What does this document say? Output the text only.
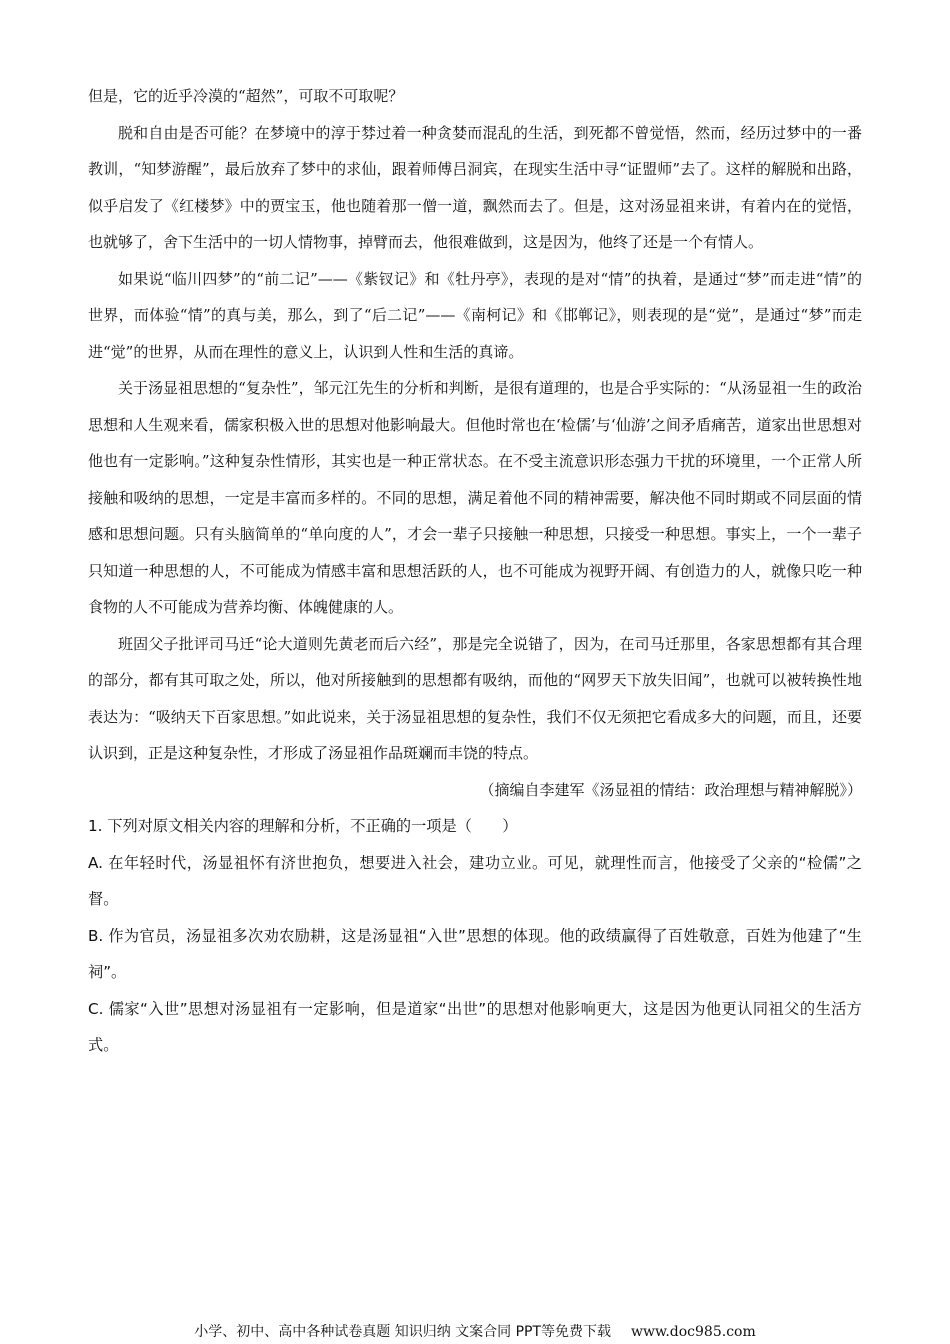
但是，它的近乎冷漠的“超然”，可取不可取呢？

脱和自由是否可能？在梦境中的淳于棼过着一种贪婪而混乱的生活，到死都不曾觉悟，然而，经历过梦中的一番教训，“知梦游醒”，最后放弃了梦中的求仙，跟着师傅吕洞宾，在现实生活中寻“证盟师”去了。这样的解脱和出路，似乎启发了《红楼梦》中的贾宝玉，他也随着那一僧一道，飘然而去了。但是，这对汤显祖来讲，有着内在的觉悟，也就够了，舍下生活中的一切人情物事，掉臂而去，他很难做到，这是因为，他终了还是一个有情人。

如果说“临川四梦”的“前二记”——《紫钗记》和《牡丹亭》，表现的是对“情”的执着，是通过“梦”而走进“情”的世界，而体验“情”的真与美，那么，到了“后二记”——《南柯记》和《邯郸记》，则表现的是“觉”，是通过“梦”而走进“觉”的世界，从而在理性的意义上，认识到人性和生活的真谛。

关于汤显祖思想的“复杂性”，邹元江先生的分析和判断，是很有道理的，也是合乎实际的：“从汤显祖一生的政治思想和人生观来看，儒家积极入世的思想对他影响最大。但他时常也在‘检儒’与‘仙游’之间矛盾痛苦，道家出世思想对他也有一定影响。”这种复杂性情形，其实也是一种正常状态。在不受主流意识形态强力干扰的环境里，一个正常人所接触和吸纳的思想，一定是丰富而多样的。不同的思想，满足着他不同的精神需要，解决他不同时期或不同层面的情感和思想问题。只有头脑简单的“单向度的人”，才会一辈子只接触一种思想，只接受一种思想。事实上，一个一辈子只知道一种思想的人，不可能成为情感丰富和思想活跃的人，也不可能成为视野开阔、有创造力的人，就像只吃一种食物的人不可能成为营养均衡、体魄健康的人。

班固父子批评司马迁“论大道则先黄老而后六经”，那是完全说错了，因为，在司马迁那里，各家思想都有其合理的部分，都有其可取之处，所以，他对所接触到的思想都有吸纳，而他的“网罗天下放失旧闻”，也就可以被转换性地表达为：“吸纳天下百家思想。”如此说来，关于汤显祖思想的复杂性，我们不仅无须把它看成多大的问题，而且，还要认识到，正是这种复杂性，才形成了汤显祖作品斑斓而丰饶的特点。

（摘编自李建军《汤显祖的情结：政治理想与精神解脱》）

1. 下列对原文相关内容的理解和分析，不正确的一项是（　　）

A. 在年轻时代，汤显祖怀有济世抱负，想要进入社会，建功立业。可见，就理性而言，他接受了父亲的“检儒”之督。

B. 作为官员，汤显祖多次劝农励耕，这是汤显祖“入世”思想的体现。他的政绩赢得了百姓敬意，百姓为他建了“生祠”。

C. 儒家“入世”思想对汤显祖有一定影响，但是道家“出世”的思想对他影响更大，这是因为他更认同祖父的生活方式。

小学、初中、高中各种试卷真题 知识归纳 文案合同 PPT等免费下载 www.doc985.com
